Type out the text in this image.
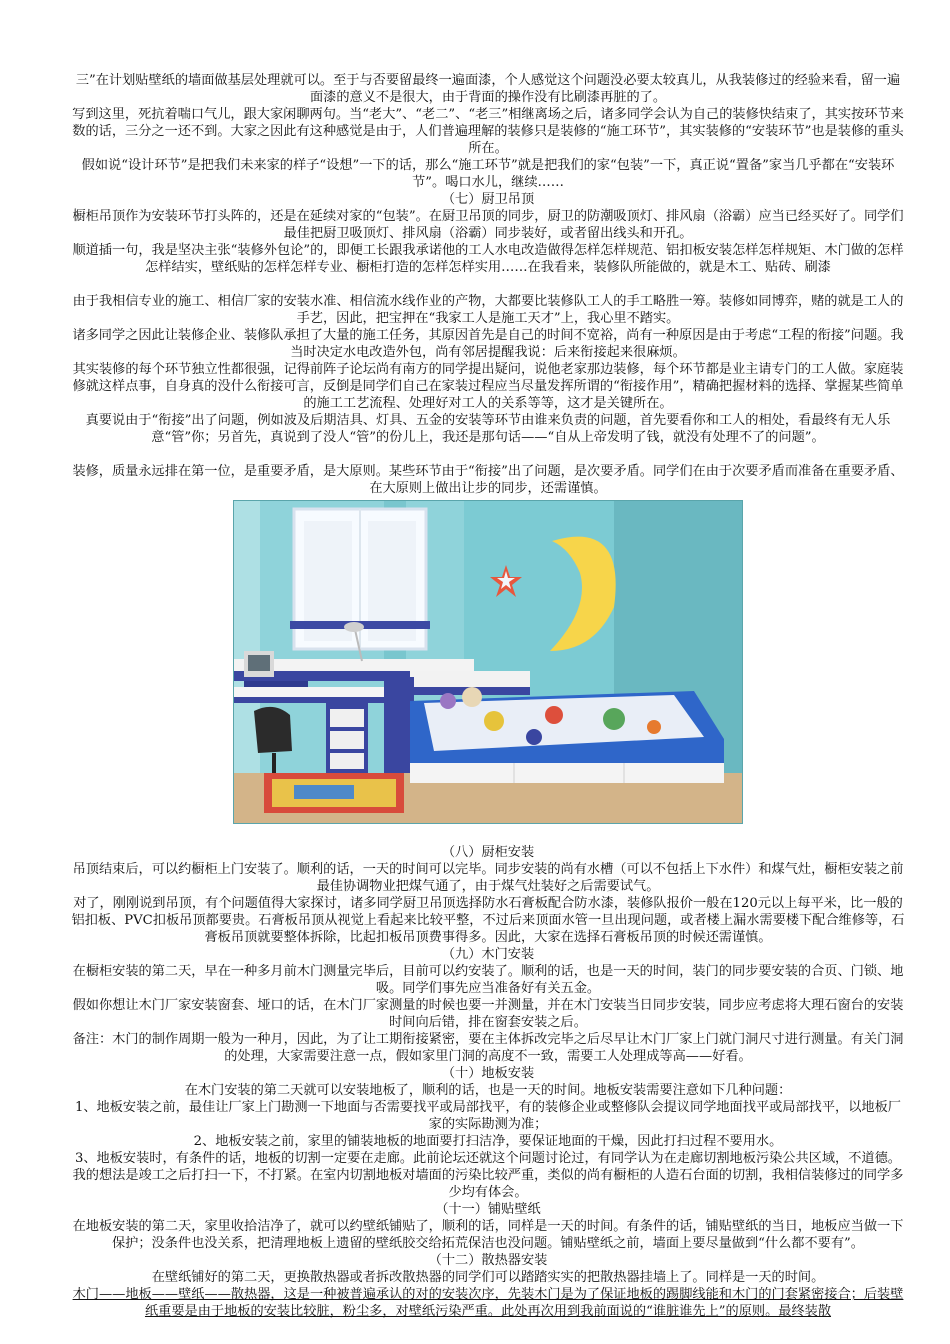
三”在计划贴壁纸的墙面做基层处理就可以。至于与否要留最终一遍面漆，个人感觉这个问题没必要太较真儿，从我装修过的经验来看，留一遍面漆的意义不是很大，由于背面的操作没有比刷漆再脏的了。

写到这里，死抗着喘口气儿，跟大家闲聊两句。当“老大”、“老二”、“老三”相继离场之后，诸多同学会认为自己的装修快结束了，其实按环节来数的话，三分之一还不到。大家之因此有这种感觉是由于，人们普遍理解的装修只是装修的“施工环节”，其实装修的“安装环节”也是装修的重头所在。

假如说“设计环节”是把我们未来家的样子“设想”一下的话，那么“施工环节”就是把我们的家“包装”一下，真正说“置备”家当几乎都在“安装环节”。喝口水儿，继续……

（七）厨卫吊顶

橱柜吊顶作为安装环节打头阵的，还是在延续对家的“包装”。在厨卫吊顶的同步，厨卫的防潮吸顶灯、排风扇（浴霸）应当已经买好了。同学们最佳把厨卫吸顶灯、排风扇（浴霸）同步装好，或者留出线头和开孔。

顺道插一句，我是坚决主张“装修外包论”的，即便工长跟我承诺他的工人水电改造做得怎样怎样规范、铝扣板安装怎样怎样规矩、木门做的怎样怎样结实，壁纸贴的怎样怎样专业、橱柜打造的怎样怎样实用……在我看来，装修队所能做的，就是木工、贴砖、刷漆

由于我相信专业的施工、相信厂家的安装水准、相信流水线作业的产物，大都要比装修队工人的手工略胜一筹。装修如同博弈，赌的就是工人的手艺，因此，把宝押在“我家工人是施工天才”上，我心里不踏实。

诸多同学之因此让装修企业、装修队承担了大量的施工任务，其原因首先是自己的时间不宽裕，尚有一种原因是由于考虑“工程的衔接”问题。我当时决定水电改造外包，尚有邻居提醒我说：后来衔接起来很麻烦。

其实装修的每个环节独立性都很强，记得前阵子论坛尚有南方的同学提出疑问，说他老家那边装修，每个环节都是业主请专门的工人做。家庭装修就这样点事，自身真的没什么衔接可言，反倒是同学们自己在家装过程应当尽量发挥所谓的“衔接作用”，精确把握材料的选择、掌握某些简单的施工工艺流程、处理好对工人的关系等等，这才是关键所在。

真要说由于“衔接”出了问题，例如波及后期洁具、灯具、五金的安装等环节由谁来负责的问题，首先要看你和工人的相处，看最终有无人乐意“管”你；另首先，真说到了没人“管”的份儿上，我还是那句话——“自从上帝发明了钱，就没有处理不了的问题”。

装修，质量永远排在第一位，是重要矛盾，是大原则。某些环节由于“衔接”出了问题，是次要矛盾。同学们在由于次要矛盾而准备在重要矛盾、在大原则上做出让步的同步，还需谨慎。

（八）厨柜安装

吊顶结束后，可以约橱柜上门安装了。顺利的话，一天的时间可以完毕。同步安装的尚有水槽（可以不包括上下水件）和煤气灶，橱柜安装之前最佳协调物业把煤气通了，由于煤气灶装好之后需要试气。

对了，刚刚说到吊顶，有个问题值得大家探讨，诸多同学厨卫吊顶选择防水石膏板配合防水漆，装修队报价一般在120元以上每平米，比一般的铝扣板、PVC扣板吊顶都要贵。石膏板吊顶从视觉上看起来比较平整，不过后来顶面水管一旦出现问题，或者楼上漏水需要楼下配合维修等，石膏板吊顶就要整体拆除，比起扣板吊顶费事得多。因此，大家在选择石膏板吊顶的时候还需谨慎。

（九）木门安装

在橱柜安装的第二天，早在一种多月前木门测量完毕后，目前可以约安装了。顺利的话，也是一天的时间，装门的同步要安装的合页、门锁、地吸。同学们事先应当准备好有关五金。

假如你想让木门厂家安装窗套、垭口的话，在木门厂家测量的时候也要一并测量，并在木门安装当日同步安装，同步应考虑将大理石窗台的安装时间向后错，排在窗套安装之后。

备注：木门的制作周期一般为一种月，因此，为了让工期衔接紧密，要在主体拆改完毕之后尽早让木门厂家上门就门洞尺寸进行测量。有关门洞的处理，大家需要注意一点，假如家里门洞的高度不一致，需要工人处理成等高——好看。

（十）地板安装

在木门安装的第二天就可以安装地板了，顺利的话，也是一天的时间。地板安装需要注意如下几种问题：

1、地板安装之前，最佳让厂家上门勘测一下地面与否需要找平或局部找平，有的装修企业或整修队会提议同学地面找平或局部找平，以地板厂家的实际勘测为准；

2、地板安装之前，家里的铺装地板的地面要打扫洁净，要保证地面的干燥，因此打扫过程不要用水。

3、地板安装时，有条件的话，地板的切割一定要在走廊。此前论坛还就这个问题讨论过，有同学认为在走廊切割地板污染公共区域，不道德。我的想法是竣工之后打扫一下，不打紧。在室内切割地板对墙面的污染比较严重，类似的尚有橱柜的人造石台面的切割，我相信装修过的同学多少均有体会。

（十一）铺贴壁纸

在地板安装的第二天，家里收拾洁净了，就可以约壁纸铺贴了，顺利的话，同样是一天的时间。有条件的话，铺贴壁纸的当日，地板应当做一下保护；没条件也没关系，把清理地板上遗留的壁纸胶交给拓荒保洁也没问题。铺贴壁纸之前，墙面上要尽量做到“什么都不要有”。

（十二）散热器安装

在壁纸铺好的第二天，更换散热器或者拆改散热器的同学们可以踏踏实实的把散热器挂墙上了。同样是一天的时间。

木门——地板——壁纸——散热器，这是一种被普遍承认的对的安装次序，先装木门是为了保证地板的踢脚线能和木门的门套紧密接合；后装壁纸重要是由于地板的安装比较脏，粉尘多，对壁纸污染严重。此处再次用到我前面说的“谁脏谁先上”的原则。最终装散
